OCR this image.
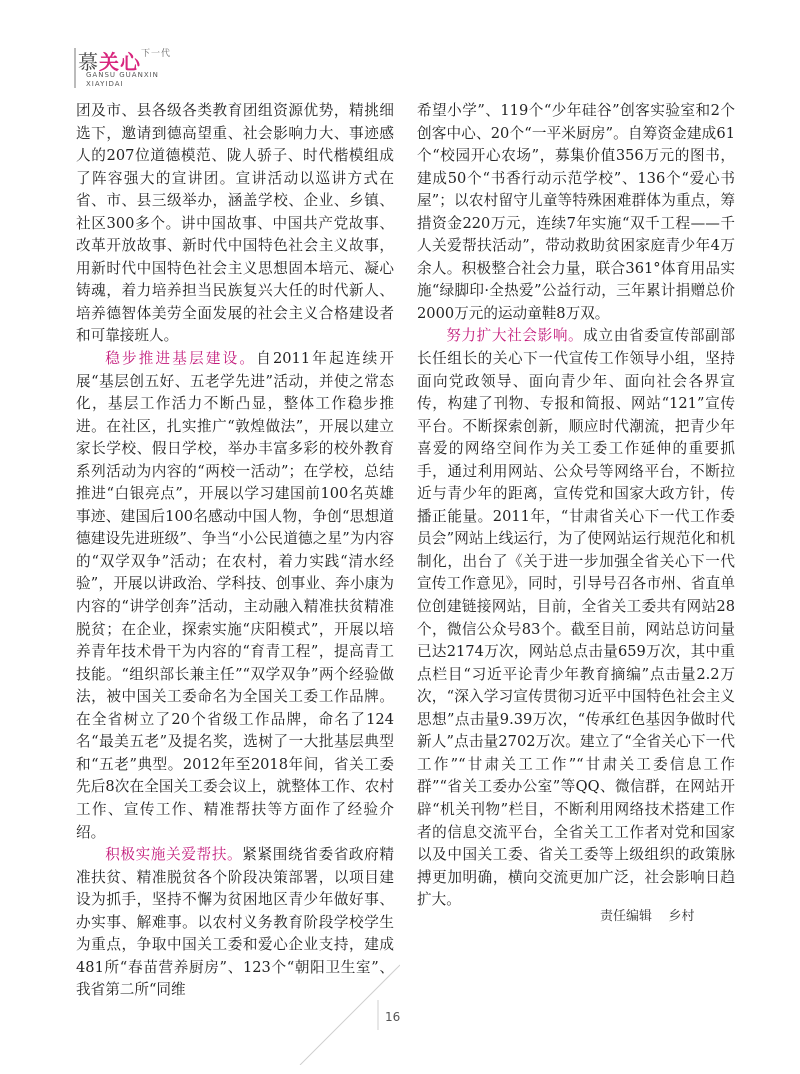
慕关心$^{下一代}$
GANSU GUANXIN
XIAYIDAI

团及市、县各级各类教育团组资源优势，精挑细选下，邀请到德高望重、社会影响力大、事迹感人的207位道德模范、陇人骄子、时代楷模组成了阵容强大的宣讲团。宣讲活动以巡讲方式在省、市、县三级举办，涵盖学校、企业、乡镇、社区300多个。讲中国故事、中国共产党故事、改革开放故事、新时代中国特色社会主义故事，用新时代中国特色社会主义思想固本培元、凝心铸魂，着力培养担当民族复兴大任的时代新人、培养德智体美劳全面发展的社会主义合格建设者和可靠接班人。

稳步推进基层建设。自2011年起连续开展“基层创五好、五老学先进”活动，并使之常态化，基层工作活力不断凸显，整体工作稳步推进。在社区，扎实推广“敦煌做法”，开展以建立家长学校、假日学校，举办丰富多彩的校外教育系列活动为内容的“两校一活动”；在学校，总结推进“白银亮点”，开展以学习建国前100名英雄事迹、建国后100名感动中国人物，争创“思想道德建设先进班级”、争当“小公民道德之星”为内容的“双学双争”活动；在农村，着力实践“清水经验”，开展以讲政治、学科技、创事业、奔小康为内容的“讲学创奔”活动，主动融入精准扶贫精准脱贫；在企业，探索实施“庆阳模式”，开展以培养青年技术骨干为内容的“育青工程”，提高青工技能。“组织部长兼主任”“双学双争”两个经验做法，被中国关工委命名为全国关工委工作品牌。在全省树立了20个省级工作品牌，命名了124名“最美五老”及提名奖，选树了一大批基层典型和“五老”典型。2012年至2018年间，省关工委先后8次在全国关工委会议上，就整体工作、农村工作、宣传工作、精准帮扶等方面作了经验介绍。

积极实施关爱帮扶。紧紧围绕省委省政府精准扶贫、精准脱贫各个阶段决策部署，以项目建设为抓手，坚持不懈为贫困地区青少年做好事、办实事、解难事。以农村义务教育阶段学校学生为重点，争取中国关工委和爱心企业支持，建成481所“春苗营养厨房”、123个“朝阳卫生室”、我省第二所“同维

希望小学”、119个“少年硅谷”创客实验室和2个创客中心、20个“一平米厨房”。自筹资金建成61个“校园开心农场”，募集价值356万元的图书，建成50个“书香行动示范学校”、136个“爱心书屋”；以农村留守儿童等特殊困难群体为重点，筹措资金220万元，连续7年实施“双千工程——千人关爱帮扶活动”，带动救助贫困家庭青少年4万余人。积极整合社会力量，联合361°体育用品实施“绿脚印·全热爱”公益行动，三年累计捐赠总价2000万元的运动童鞋8万双。

努力扩大社会影响。成立由省委宣传部副部长任组长的关心下一代宣传工作领导小组，坚持面向党政领导、面向青少年、面向社会各界宣传，构建了刊物、专报和简报、网站“121”宣传平台。不断探索创新，顺应时代潮流，把青少年喜爱的网络空间作为关工委工作延伸的重要抓手，通过利用网站、公众号等网络平台，不断拉近与青少年的距离，宣传党和国家大政方针，传播正能量。2011年，“甘肃省关心下一代工作委员会”网站上线运行，为了使网站运行规范化和机制化，出台了《关于进一步加强全省关心下一代宣传工作意见》，同时，引导号召各市州、省直单位创建链接网站，目前，全省关工委共有网站28个，微信公众号83个。截至目前，网站总访问量已达2174万次，网站总点击量659万次，其中重点栏目“习近平论青少年教育摘编”点击量2.2万次，“深入学习宣传贯彻习近平中国特色社会主义思想”点击量9.39万次，“传承红色基因争做时代新人”点击量2702万次。建立了“全省关心下一代工作”“甘肃关工工作”“甘肃关工委信息工作群”“省关工委办公室”等QQ、微信群，在网站开辟“机关刊物”栏目，不断利用网络技术搭建工作者的信息交流平台，全省关工工作者对党和国家以及中国关工委、省关工委等上级组织的政策脉搏更加明确，横向交流更加广泛，社会影响日趋扩大。

责任编辑    乡村
16
